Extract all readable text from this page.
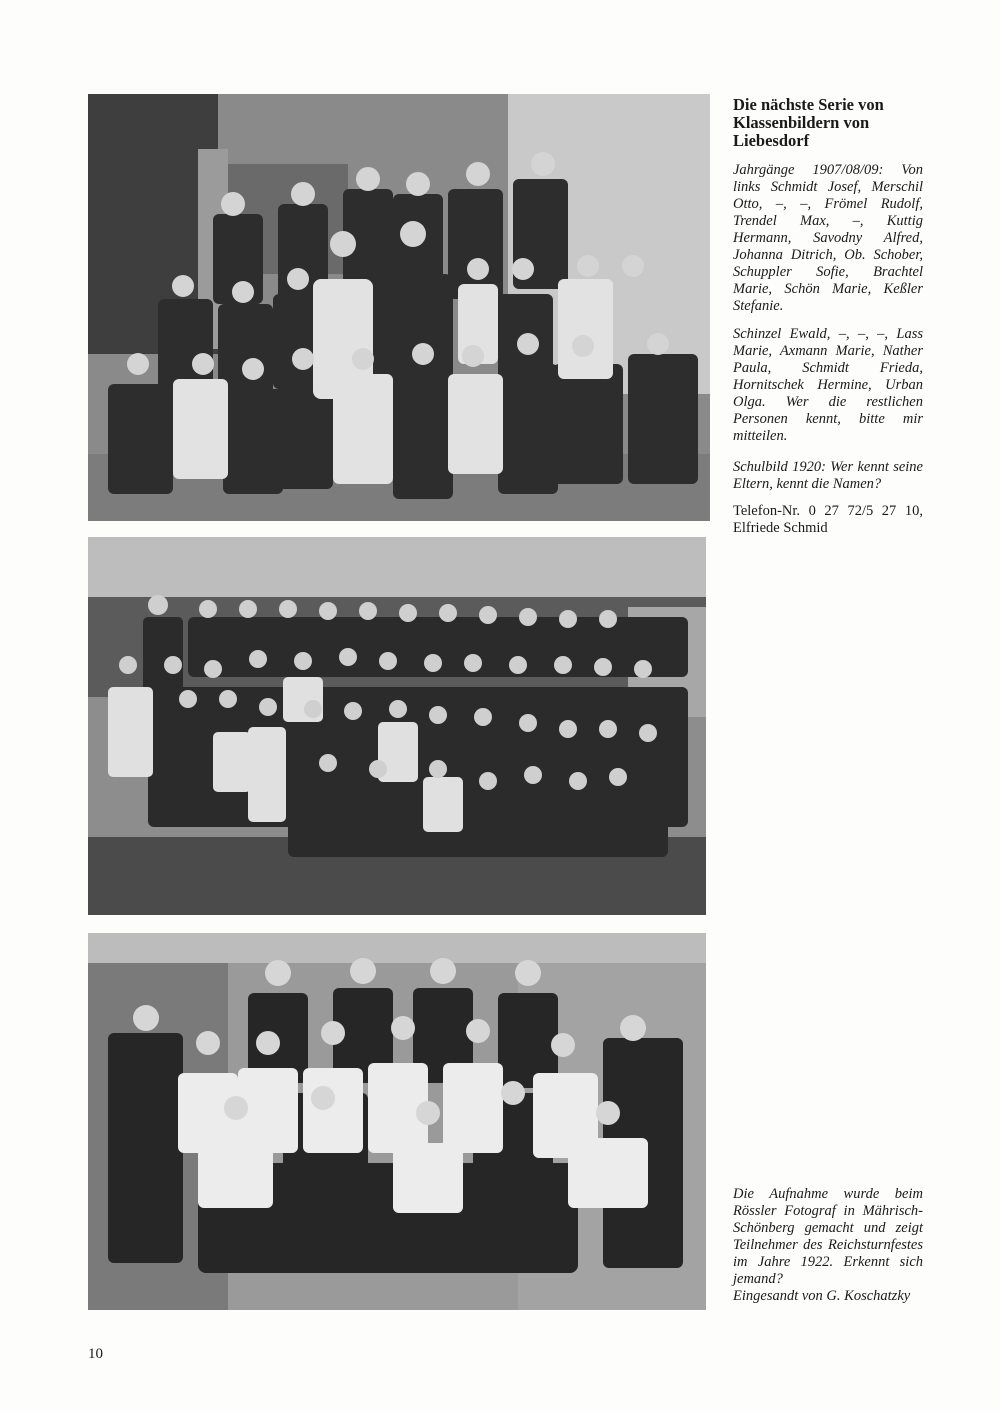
Die nächste Serie von Klassenbildern von Liebesdorf

Jahrgänge 1907/08/09: Von links Schmidt Josef, Merschil Otto, –, –, Frömel Rudolf, Trendel Max, –, Kuttig Hermann, Savodny Alfred, Johanna Ditrich, Ob. Schober, Schuppler Sofie, Brachtel Marie, Schön Marie, Keßler Stefanie.

Schinzel Ewald, –, –, –, Lass Marie, Axmann Marie, Nather Paula, Schmidt Frieda, Hornitschek Hermine, Urban Olga. Wer die restlichen Personen kennt, bitte mir mitteilen.

Schulbild 1920: Wer kennt seine Eltern, kennt die Namen?

Telefon-Nr. 0 27 72/5 27 10, Elfriede Schmid

Die Aufnahme wurde beim Rössler Fotograf in Mährisch-Schönberg gemacht und zeigt Teilnehmer des Reichsturnfestes im Jahre 1922. Erkennt sich jemand?

Eingesandt von G. Koschatzky

10
